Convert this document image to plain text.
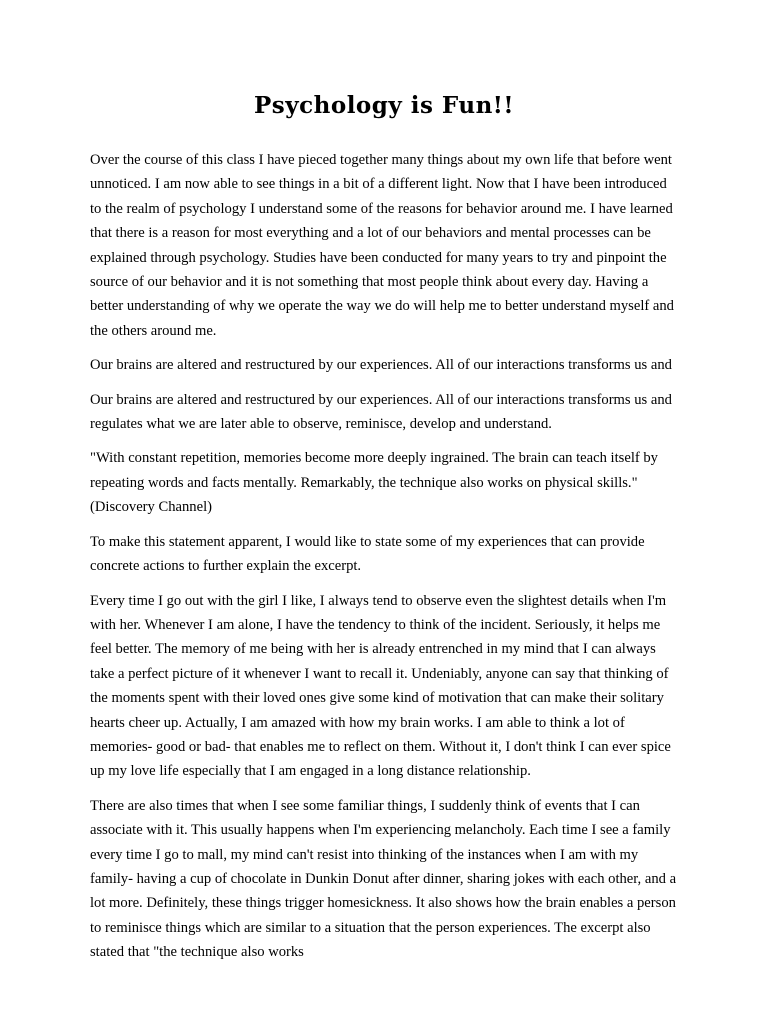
Psychology is Fun!!

Over the course of this class I have pieced together many things about my own life that before went unnoticed. I am now able to see things in a bit of a different light. Now that I have been introduced to the realm of psychology I understand some of the reasons for behavior around me. I have learned that there is a reason for most everything and a lot of our behaviors and mental processes can be explained through psychology. Studies have been conducted for many years to try and pinpoint the source of our behavior and it is not something that most people think about every day. Having a better understanding of why we operate the way we do will help me to better understand myself and the others around me.

Our brains are altered and restructured by our experiences. All of our interactions transforms us and

Our brains are altered and restructured by our experiences. All of our interactions transforms us and regulates what we are later able to observe, reminisce, develop and understand.

"With constant repetition, memories become more deeply ingrained. The brain can teach itself by repeating words and facts mentally. Remarkably, the technique also works on physical skills." (Discovery Channel)

To make this statement apparent, I would like to state some of my experiences that can provide concrete actions to further explain the excerpt.

Every time I go out with the girl I like, I always tend to observe even the slightest details when I'm with her. Whenever I am alone, I have the tendency to think of the incident. Seriously, it helps me feel better. The memory of me being with her is already entrenched in my mind that I can always take a perfect picture of it whenever I want to recall it. Undeniably, anyone can say that thinking of the moments spent with their loved ones give some kind of motivation that can make their solitary hearts cheer up. Actually, I am amazed with how my brain works. I am able to think a lot of memories- good or bad- that enables me to reflect on them. Without it, I don't think I can ever spice up my love life especially that I am engaged in a long distance relationship.

There are also times that when I see some familiar things, I suddenly think of events that I can associate with it. This usually happens when I'm experiencing melancholy. Each time I see a family every time I go to mall, my mind can't resist into thinking of the instances when I am with my family- having a cup of chocolate in Dunkin Donut after dinner, sharing jokes with each other, and a lot more. Definitely, these things trigger homesickness. It also shows how the brain enables a person to reminisce things which are similar to a situation that the person experiences. The excerpt also stated that "the technique also works
